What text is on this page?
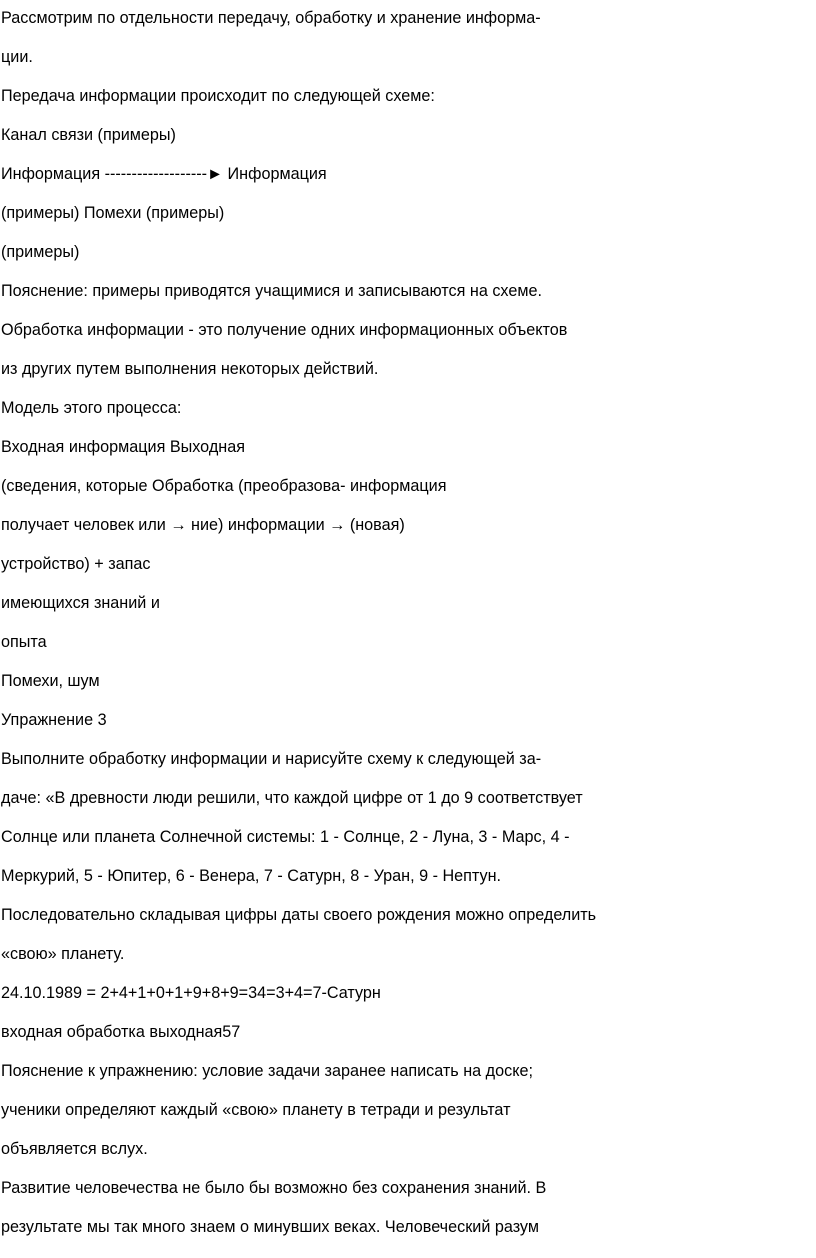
Рассмотрим по отдельности передачу, обработку и хранение информа-

ции.

Передача информации происходит по следующей схеме:

Канал связи (примеры)

Информация -------------------► Информация

(примеры) Помехи (примеры)

(примеры)

Пояснение: примеры приводятся учащимися и записываются на схеме.

Обработка информации - это получение одних информационных объектов

из других путем выполнения некоторых действий.

Модель этого процесса:

Входная информация Выходная

(сведения, которые Обработка (преобразова- информация

получает человек или → ние) информации → (новая)

устройство) + запас

имеющихся знаний и

опыта

Помехи, шум

Упражнение 3

Выполните обработку информации и нарисуйте схему к следующей за-

даче: «В древности люди решили, что каждой цифре от 1 до 9 соответствует

Солнце или планета Солнечной системы: 1 - Солнце, 2 - Луна, 3 - Марс, 4 -

Меркурий, 5 - Юпитер, 6 - Венера, 7 - Сатурн, 8 - Уран, 9 - Нептун.

Последовательно складывая цифры даты своего рождения можно определить

«свою» планету.

24.10.1989 = 2+4+1+0+1+9+8+9=34=3+4=7-Сатурн

входная обработка выходная57

Пояснение к упражнению: условие задачи заранее написать на доске;

ученики определяют каждый «свою» планету в тетради и результат

объявляется вслух.

Развитие человечества не было бы возможно без сохранения знаний. В

результате мы так много знаем о минувших веках. Человеческий разум
